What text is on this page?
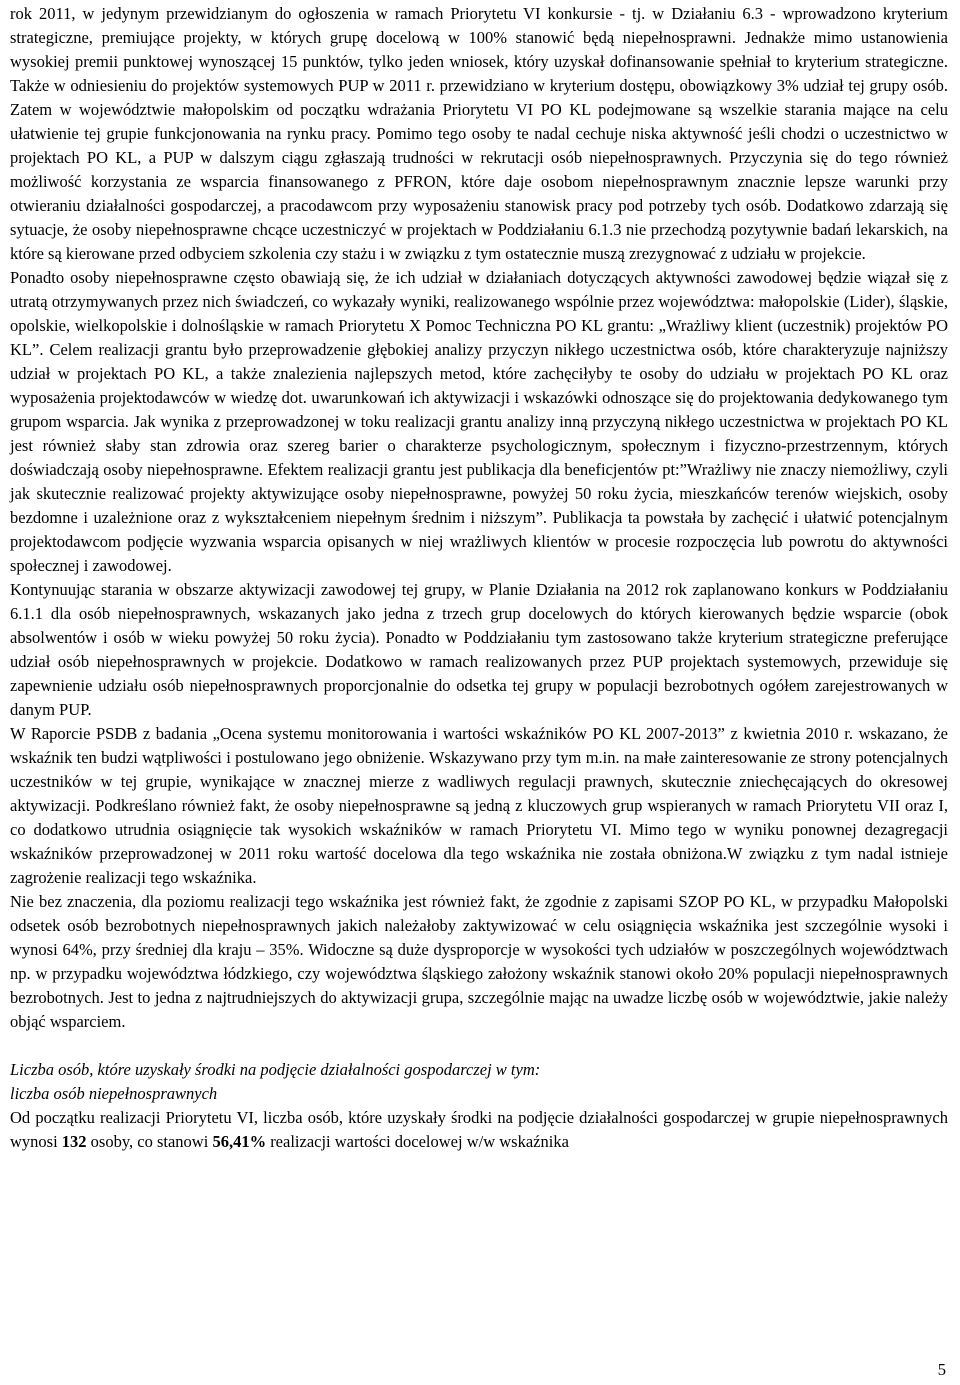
rok 2011, w jedynym przewidzianym do ogłoszenia w ramach Priorytetu VI konkursie - tj. w Działaniu 6.3 - wprowadzono kryterium strategiczne, premiujące projekty, w których grupę docelową w 100% stanowić będą niepełnosprawni. Jednakże mimo ustanowienia wysokiej premii punktowej wynoszącej 15 punktów, tylko jeden wniosek, który uzyskał dofinansowanie spełniał to kryterium strategiczne. Także w odniesieniu do projektów systemowych PUP w 2011 r. przewidziano w kryterium dostępu, obowiązkowy 3% udział tej grupy osób. Zatem w województwie małopolskim od początku wdrażania Priorytetu VI PO KL podejmowane są wszelkie starania mające na celu ułatwienie tej grupie funkcjonowania na rynku pracy. Pomimo tego osoby te nadal cechuje niska aktywność jeśli chodzi o uczestnictwo w projektach PO KL, a PUP w dalszym ciągu zgłaszają trudności w rekrutacji osób niepełnosprawnych. Przyczynia się do tego również możliwość korzystania ze wsparcia finansowanego z PFRON, które daje osobom niepełnosprawnym znacznie lepsze warunki przy otwieraniu działalności gospodarczej, a pracodawcom przy wyposażeniu stanowisk pracy pod potrzeby tych osób. Dodatkowo zdarzają się sytuacje, że osoby niepełnosprawne chcące uczestniczyć w projektach w Poddziałaniu 6.1.3 nie przechodzą pozytywnie badań lekarskich, na które są kierowane przed odbyciem szkolenia czy stażu i w związku z tym ostatecznie muszą zrezygnować z udziału w projekcie.

Ponadto osoby niepełnosprawne często obawiają się, że ich udział w działaniach dotyczących aktywności zawodowej będzie wiązał się z utratą otrzymywanych przez nich świadczeń, co wykazały wyniki, realizowanego wspólnie przez województwa: małopolskie (Lider), śląskie, opolskie, wielkopolskie i dolnośląskie w ramach Priorytetu X Pomoc Techniczna PO KL grantu: „Wrażliwy klient (uczestnik) projektów PO KL”. Celem realizacji grantu było przeprowadzenie głębokiej analizy przyczyn nikłego uczestnictwa osób, które charakteryzuje najniższy udział w projektach PO KL, a także znalezienia najlepszych metod, które zachęciłyby te osoby do udziału w projektach PO KL oraz wyposażenia projektodawców w wiedzę dot. uwarunkowań ich aktywizacji i wskazówki odnoszące się do projektowania dedykowanego tym grupom wsparcia. Jak wynika z przeprowadzonej w toku realizacji grantu analizy inną przyczyną nikłego uczestnictwa w projektach PO KL jest również słaby stan zdrowia oraz szereg barier o charakterze psychologicznym, społecznym i fizyczno-przestrzennym, których doświadczają osoby niepełnosprawne. Efektem realizacji grantu jest publikacja dla beneficjentów pt:”Wrażliwy nie znaczy niemożliwy, czyli jak skutecznie realizować projekty aktywizujące osoby niepełnosprawne, powyżej 50 roku życia, mieszkańców terenów wiejskich, osoby bezdomne i uzależnione oraz z wykształceniem niepełnym średnim i niższym”. Publikacja ta powstała by zachęcić i ułatwić potencjalnym projektodawcom podjęcie wyzwania wsparcia opisanych w niej wrażliwych klientów w procesie rozpoczęcia lub powrotu do aktywności społecznej i zawodowej.

Kontynuując starania w obszarze aktywizacji zawodowej tej grupy, w Planie Działania na 2012 rok zaplanowano konkurs w Poddziałaniu 6.1.1 dla osób niepełnosprawnych, wskazanych jako jedna z trzech grup docelowych do których kierowanych będzie wsparcie (obok absolwentów i osób w wieku powyżej 50 roku życia). Ponadto w Poddziałaniu tym zastosowano także kryterium strategiczne preferujące udział osób niepełnosprawnych w projekcie. Dodatkowo w ramach realizowanych przez PUP projektach systemowych, przewiduje się zapewnienie udziału osób niepełnosprawnych proporcjonalnie do odsetka tej grupy w populacji bezrobotnych ogółem zarejestrowanych w danym PUP.

W Raporcie PSDB z badania „Ocena systemu monitorowania i wartości wskaźników PO KL 2007-2013” z kwietnia 2010 r. wskazano, że wskaźnik ten budzi wątpliwości i postulowano jego obniżenie. Wskazywano przy tym m.in. na małe zainteresowanie ze strony potencjalnych uczestników w tej grupie, wynikające w znacznej mierze z wadliwych regulacji prawnych, skutecznie zniechęcających do okresowej aktywizacji. Podkreślano również fakt, że osoby niepełnosprawne są jedną z kluczowych grup wspieranych w ramach Priorytetu VII oraz I, co dodatkowo utrudnia osiągnięcie tak wysokich wskaźników w ramach Priorytetu VI. Mimo tego w wyniku ponownej dezagregacji wskaźników przeprowadzonej w 2011 roku wartość docelowa dla tego wskaźnika nie została obniżona.W związku z tym nadal istnieje zagrożenie realizacji tego wskaźnika.

Nie bez znaczenia, dla poziomu realizacji tego wskaźnika jest również fakt, że zgodnie z zapisami SZOP PO KL, w przypadku Małopolski odsetek osób bezrobotnych niepełnosprawnych jakich należałoby zaktywizować w celu osiągnięcia wskaźnika jest szczególnie wysoki i wynosi 64%, przy średniej dla kraju – 35%. Widoczne są duże dysproporcje w wysokości tych udziałów w poszczególnych województwach np. w przypadku województwa łódzkiego, czy województwa śląskiego założony wskaźnik stanowi około 20% populacji niepełnosprawnych bezrobotnych. Jest to jedna z najtrudniejszych do aktywizacji grupa, szczególnie mając na uwadze liczbę osób w województwie, jakie należy objąć wsparciem.

Liczba osób, które uzyskały środki na podjęcie działalności gospodarczej w tym:

liczba osób niepełnosprawnych

Od początku realizacji Priorytetu VI, liczba osób, które uzyskały środki na podjęcie działalności gospodarczej w grupie niepełnosprawnych wynosi 132 osoby, co stanowi 56,41% realizacji wartości docelowej w/w wskaźnika

5
